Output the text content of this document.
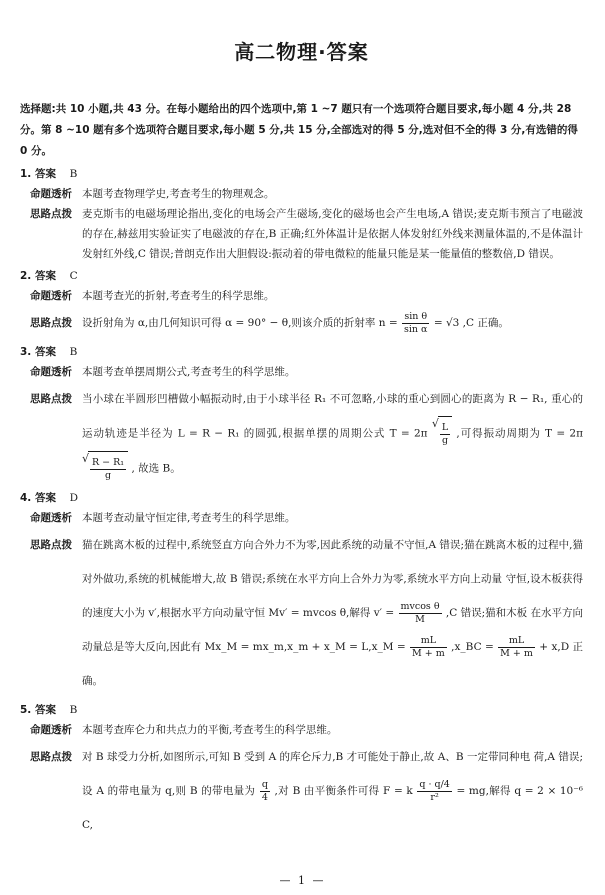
高二物理·答案
选择题:共 10 小题,共 43 分。在每小题给出的四个选项中,第 1 ~7 题只有一个选项符合题目要求,每小题 4 分,共 28 分。第 8 ~10 题有多个选项符合题目要求,每小题 5 分,共 15 分,全部选对的得 5 分,选对但不全的得 3 分,有选错的得 0 分。
1. 答案 B
命题透析 本题考查物理学史,考查考生的物理观念。
思路点拨 麦克斯韦的电磁场理论指出,变化的电场会产生磁场,变化的磁场也会产生电场,A 错误;麦克斯韦预言了电磁波的存在,赫兹用实验证实了电磁波的存在,B 正确;红外体温计是依据人体发射红外线来测量体温的,不是体温计发射红外线,C 错误;普朗克作出大胆假设:振动着的带电微粒的能量只能是某一能量值的整数倍,D 错误。
2. 答案 C
命题透析 本题考查光的折射,考查考生的科学思维。
思路点拨 设折射角为 α,由几何知识可得 α = 90° − θ,则该介质的折射率 $n = \frac{\text{sin θ}}{\text{sin α}} = √3$ ,C 正确。
3. 答案 B
命题透析 本题考查单摆周期公式,考查考生的科学思维。
思路点拨 当小球在半圆形凹槽做小幅振动时,由于小球半径 R₁ 不可忽略,小球的重心到圆心的距离为 R − R₁, 重心的运动轨迹是半径为 L = R − R₁ 的圆弧,根据单摆的周期公式 T = 2π
√ $\frac{L}{g}$ ,可得振动周期为 T = 2π
√ $\frac{\text{R − R₁}}{g}$ , 故选 B。
4. 答案 D
命题透析 本题考查动量守恒定律,考查考生的科学思维。
思路点拨 猫在跳离木板的过程中,系统竖直方向合外力不为零,因此系统的动量不守恒,A 错误;猫在跳离木板的过程中,猫对外做功,系统的机械能增大,故 B 错误;系统在水平方向上合外力为零,系统水平方向上动量 守恒,设木板获得的速度大小为 v′,根据水平方向动量守恒 Mv′ = mvcos θ,解得 $v' = \frac{\text{mvcos θ}}{M} ,C$ 错误;猫和木板 在水平方向动量总是等大反向,因此有 Mx_M = mx_m,x_m + x_M = L,x_M = $\frac{mL}{M + m}$ ,x_BC = $\frac{mL}{M + m} + x,D$ 正确。
5. 答案 B
命题透析 本题考查库仑力和共点力的平衡,考查考生的科学思维。
思路点拨 对 B 球受力分析,如图所示,可知 B 受到 A 的库仑斥力,B 才可能处于静止,故 A、B 一定带同种电 荷,A 错误;设 A 的带电量为 q,则 B 的带电量为 $\frac{q}{4}$ ,对 B 由平衡条件可得 F = k $\frac{q \cdot q/4}{\text{r²}}$ = mg,解得 q = 2 × 10⁻⁶ C,
— 1 —
